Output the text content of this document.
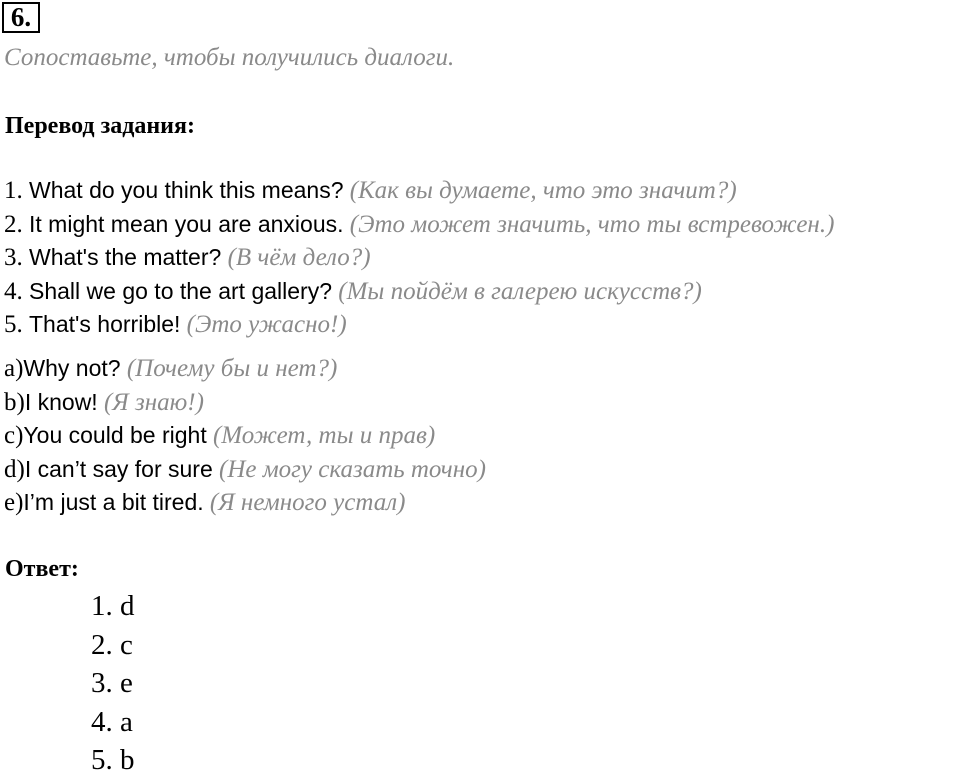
6.
Сопоставьте, чтобы получились диалоги.
Перевод задания:
1. What do you think this means? (Как вы думаете, что это значит?)
2. It might mean you are anxious. (Это может значить, что ты встревожен.)
3. What's the matter? (В чём дело?)
4. Shall we go to the art gallery? (Мы пойдём в галерею искусств?)
5. That's horrible! (Это ужасно!)
a)Why not? (Почему бы и нет?)
b)I know! (Я знаю!)
c)You could be right (Может, ты и прав)
d)I can’t say for sure (Не могу сказать точно)
e)I’m just a bit tired. (Я немного устал)
Ответ:
1. d
2. c
3. e
4. a
5. b
